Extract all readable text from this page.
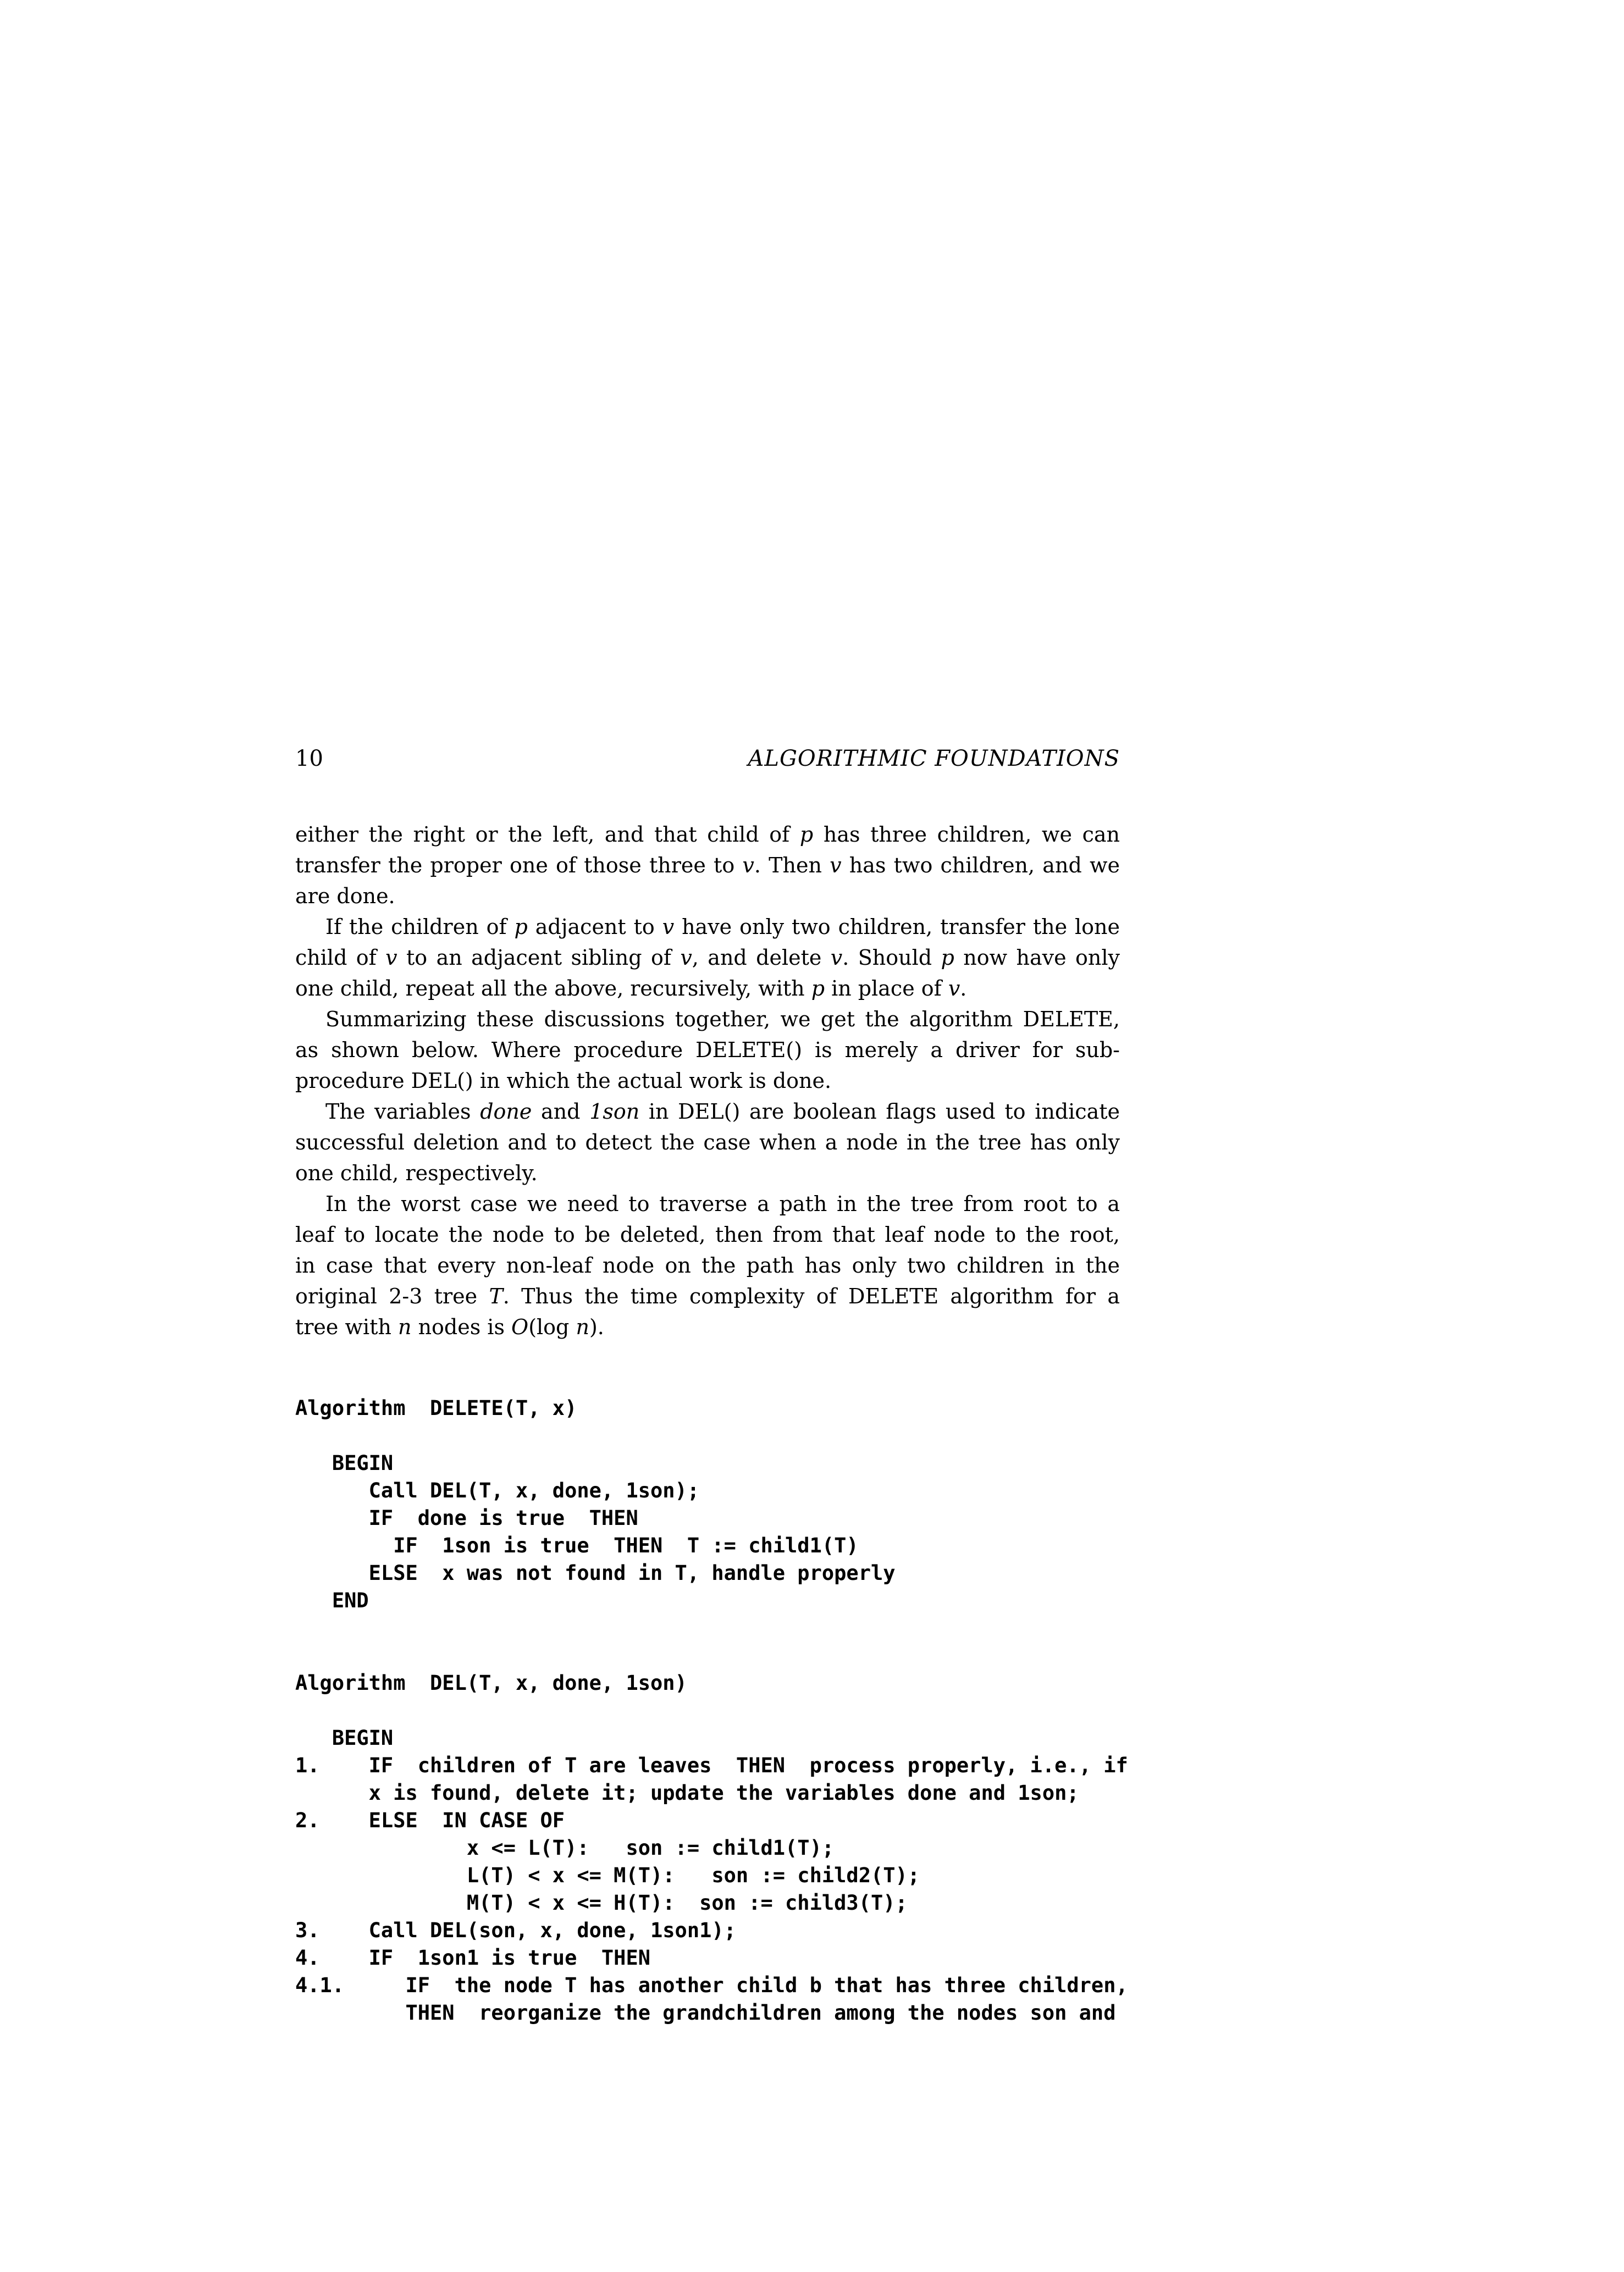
10	ALGORITHMIC FOUNDATIONS
either the right or the left, and that child of p has three children, we can
transfer the proper one of those three to v. Then v has two children, and we
are done.
If the children of p adjacent to v have only two children, transfer the lone
child of v to an adjacent sibling of v, and delete v. Should p now have only
one child, repeat all the above, recursively, with p in place of v.
Summarizing these discussions together, we get the algorithm DELETE,
as shown below. Where procedure DELETE() is merely a driver for sub-
procedure DEL() in which the actual work is done.
The variables done and 1son in DEL() are boolean flags used to indicate
successful deletion and to detect the case when a node in the tree has only
one child, respectively.
In the worst case we need to traverse a path in the tree from root to a
leaf to locate the node to be deleted, then from that leaf node to the root,
in case that every non-leaf node on the path has only two children in the
original 2-3 tree T. Thus the time complexity of DELETE algorithm for a
tree with n nodes is O(log n).
Algorithm  DELETE(T, x)
BEGIN
Call DEL(T, x, done, 1son);
IF  done is true  THEN
IF  1son is true  THEN  T := child1(T)
ELSE  x was not found in T, handle properly
END
Algorithm  DEL(T, x, done, 1son)
BEGIN
1.    IF  children of T are leaves  THEN  process properly, i.e., if
x is found, delete it; update the variables done and 1son;
2.    ELSE  IN CASE OF
x <= L(T):   son := child1(T);
L(T) < x <= M(T):   son := child2(T);
M(T) < x <= H(T):  son := child3(T);
3.    Call DEL(son, x, done, 1son1);
4.    IF  1son1 is true  THEN
4.1.     IF  the node T has another child b that has three children,
THEN  reorganize the grandchildren among the nodes son and
